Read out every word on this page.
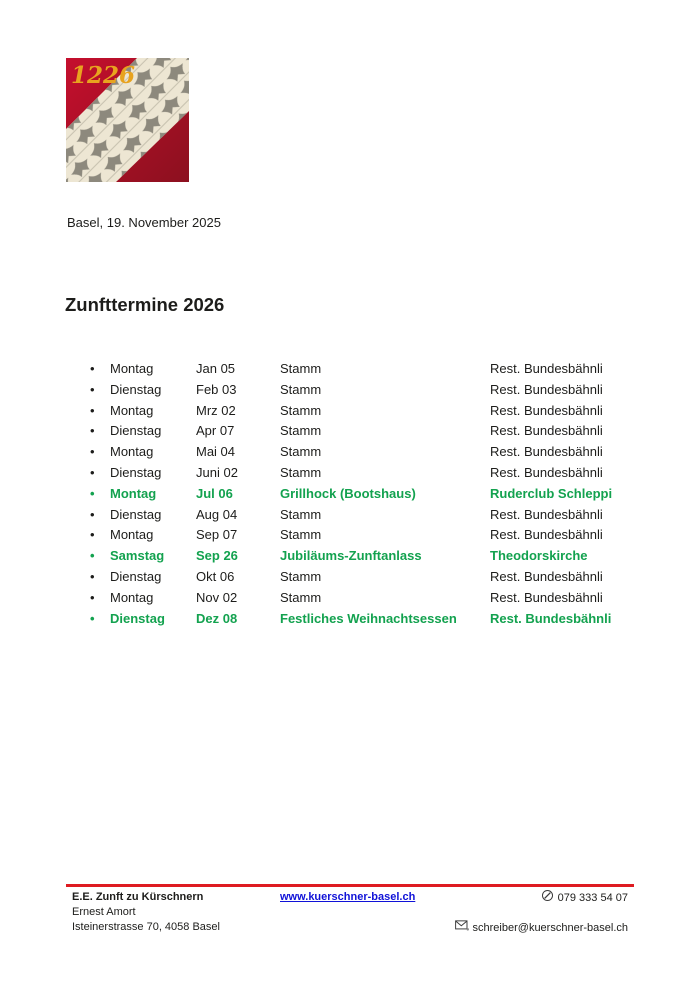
1226
Basel, 19. November 2025
Zunfttermine 2026
•	Montag	Jan 05	Stamm	Rest. Bundesbähnli
•	Dienstag	Feb 03	Stamm	Rest. Bundesbähnli
•	Montag	Mrz 02	Stamm	Rest. Bundesbähnli
•	Dienstag	Apr 07	Stamm	Rest. Bundesbähnli
•	Montag	Mai 04	Stamm	Rest. Bundesbähnli
•	Dienstag	Juni 02	Stamm	Rest. Bundesbähnli
•	Montag	Jul 06	Grillhock (Bootshaus)	Ruderclub Schleppi
•	Dienstag	Aug 04	Stamm	Rest. Bundesbähnli
•	Montag	Sep 07	Stamm	Rest. Bundesbähnli
•	Samstag	Sep 26	Jubiläums-Zunftanlass	Theodorskirche
•	Dienstag	Okt 06	Stamm	Rest. Bundesbähnli
•	Montag	Nov 02	Stamm	Rest. Bundesbähnli
•	Dienstag	Dez 08	Festliches Weihnachtsessen	Rest. Bundesbähnli
E.E. Zunft zu Kürschnern
Ernest Amort
Isteinerstrasse 70, 4058 Basel
www.kuerschner-basel.ch	079 333 54 07
schreiber@kuerschner-basel.ch
